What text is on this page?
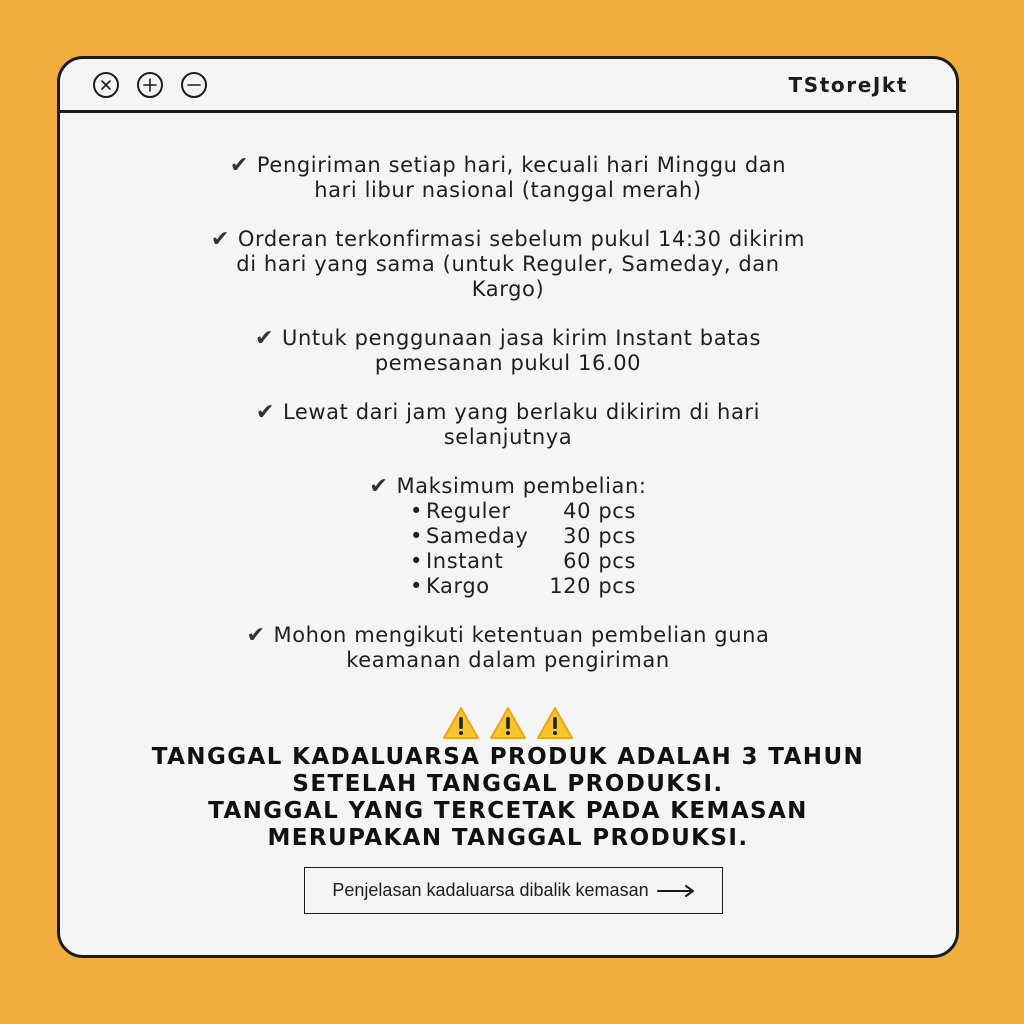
TStoreJkt
✔ Pengiriman setiap hari, kecuali hari Minggu dan
hari libur nasional (tanggal merah)
✔ Orderan terkonfirmasi sebelum pukul 14:30 dikirim
di hari yang sama (untuk Reguler, Sameday, dan
Kargo)
✔ Untuk penggunaan jasa kirim Instant batas
pemesanan pukul 16.00
✔ Lewat dari jam yang berlaku dikirim di hari
selanjutnya
✔ Maksimum pembelian:
• Reguler	40 pcs
• Sameday	30 pcs
• Instant	60 pcs
• Kargo	120 pcs
✔ Mohon mengikuti ketentuan pembelian guna
keamanan dalam pengiriman

TANGGAL KADALUARSA PRODUK ADALAH 3 TAHUN
SETELAH TANGGAL PRODUKSI.
TANGGAL YANG TERCETAK PADA KEMASAN
MERUPAKAN TANGGAL PRODUKSI.
Penjelasan kadaluarsa dibalik kemasan
